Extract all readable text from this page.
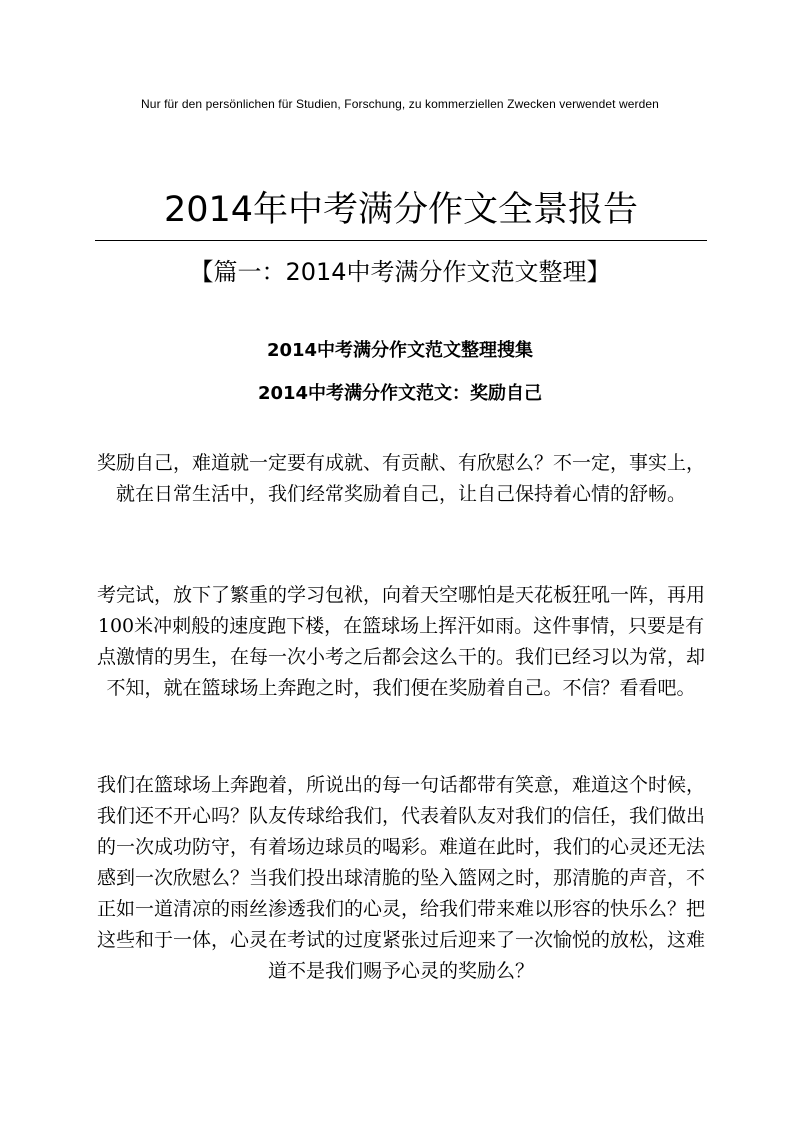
Nur für den persönlichen für Studien, Forschung, zu kommerziellen Zwecken verwendet werden
2014年中考满分作文全景报告
【篇一：2014中考满分作文范文整理】
2014中考满分作文范文整理搜集
2014中考满分作文范文：奖励自己
奖励自己，难道就一定要有成就、有贡献、有欣慰么？不一定，事实上，就在日常生活中，我们经常奖励着自己，让自己保持着心情的舒畅。
考完试，放下了繁重的学习包袱，向着天空哪怕是天花板狂吼一阵，再用100米冲刺般的速度跑下楼，在篮球场上挥汗如雨。这件事情，只要是有点激情的男生，在每一次小考之后都会这么干的。我们已经习以为常，却不知，就在篮球场上奔跑之时，我们便在奖励着自己。不信？看看吧。
我们在篮球场上奔跑着，所说出的每一句话都带有笑意，难道这个时候，我们还不开心吗？队友传球给我们，代表着队友对我们的信任，我们做出的一次成功防守，有着场边球员的喝彩。难道在此时，我们的心灵还无法感到一次欣慰么？当我们投出球清脆的坠入篮网之时，那清脆的声音，不正如一道清凉的雨丝渗透我们的心灵，给我们带来难以形容的快乐么？把这些和于一体，心灵在考试的过度紧张过后迎来了一次愉悦的放松，这难道不是我们赐予心灵的奖励么？
